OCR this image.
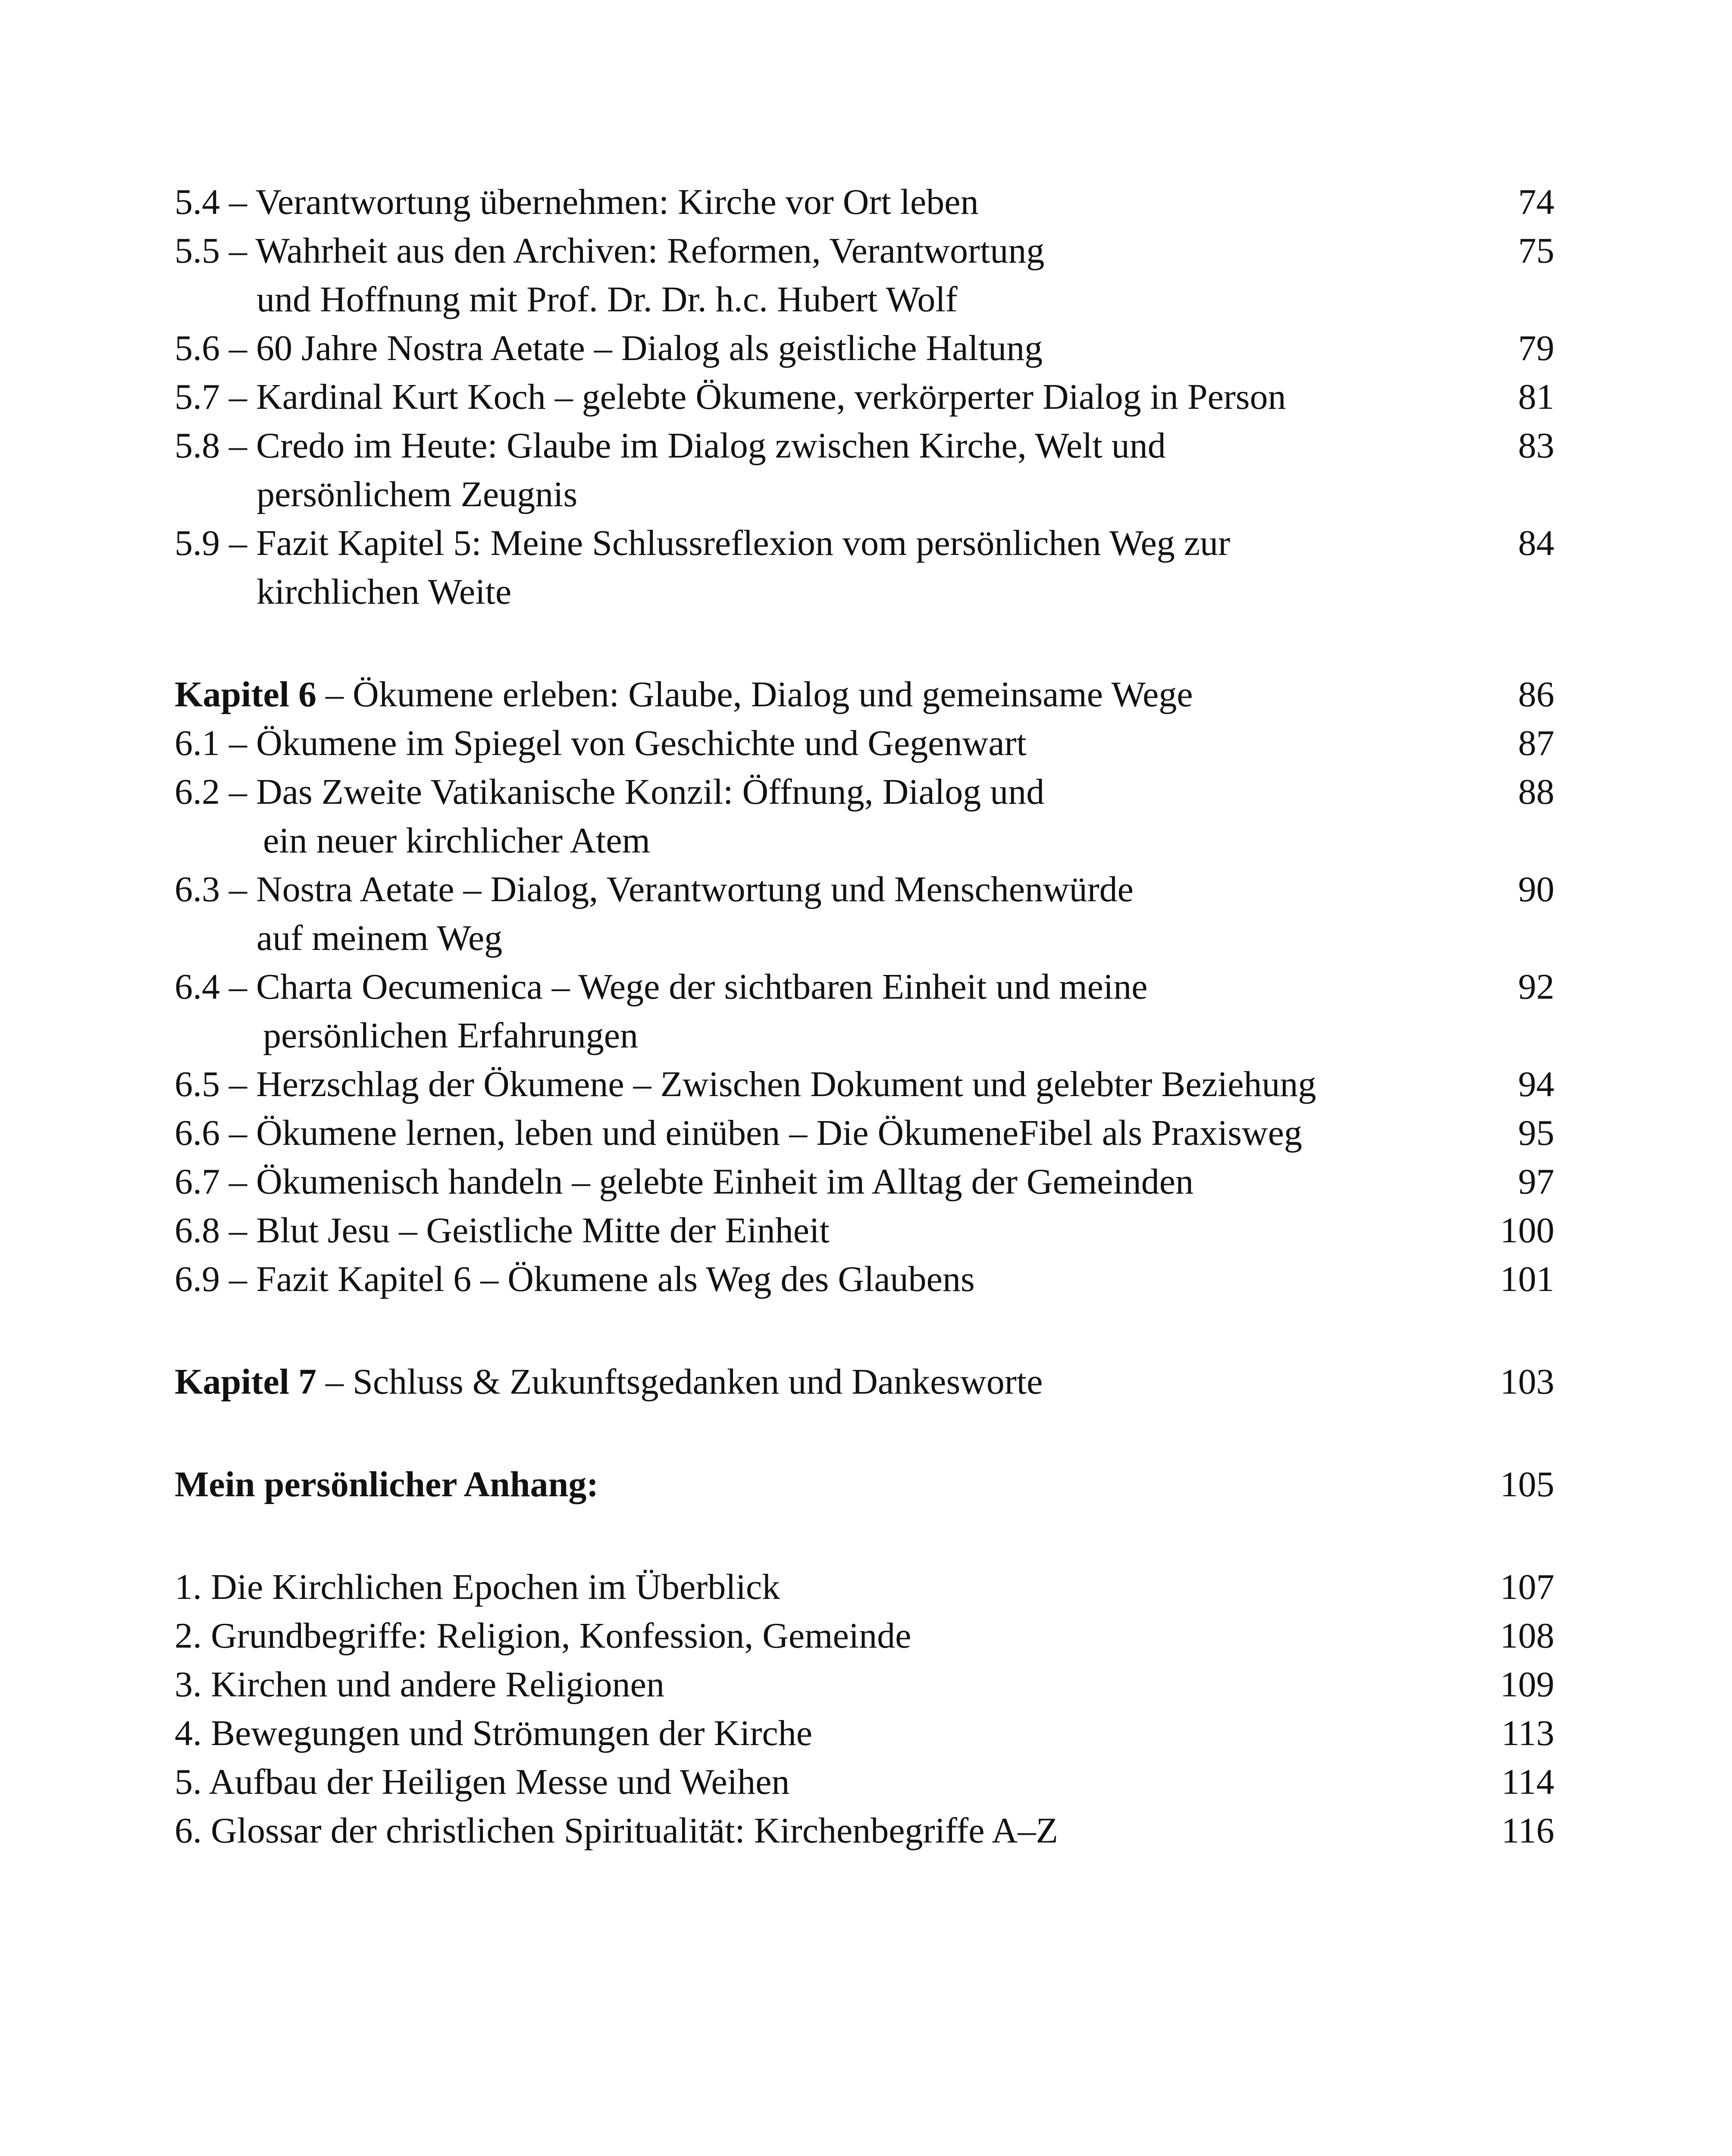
5.4 – Verantwortung übernehmen: Kirche vor Ort leben	74
5.5 – Wahrheit aus den Archiven: Reformen, Verantwortung	75
und Hoffnung mit Prof. Dr. Dr. h.c. Hubert Wolf
5.6 – 60 Jahre Nostra Aetate – Dialog als geistliche Haltung	79
5.7 – Kardinal Kurt Koch – gelebte Ökumene, verkörperter Dialog in Person	81
5.8 – Credo im Heute: Glaube im Dialog zwischen Kirche, Welt und	83
persönlichem Zeugnis
5.9 – Fazit Kapitel 5: Meine Schlussreflexion vom persönlichen Weg zur	84
kirchlichen Weite
Kapitel 6 – Ökumene erleben: Glaube, Dialog und gemeinsame Wege	86
6.1 – Ökumene im Spiegel von Geschichte und Gegenwart	87
6.2 – Das Zweite Vatikanische Konzil: Öffnung, Dialog und	88
ein neuer kirchlicher Atem
6.3 – Nostra Aetate – Dialog, Verantwortung und Menschenwürde	90
auf meinem Weg
6.4 – Charta Oecumenica – Wege der sichtbaren Einheit und meine	92
persönlichen Erfahrungen
6.5 – Herzschlag der Ökumene – Zwischen Dokument und gelebter Beziehung	94
6.6 – Ökumene lernen, leben und einüben – Die ÖkumeneFibel als Praxisweg	95
6.7 – Ökumenisch handeln – gelebte Einheit im Alltag der Gemeinden	97
6.8 – Blut Jesu – Geistliche Mitte der Einheit	100
6.9 – Fazit Kapitel 6 – Ökumene als Weg des Glaubens	101
Kapitel 7 – Schluss & Zukunftsgedanken und Dankesworte	103
Mein persönlicher Anhang:	105
1. Die Kirchlichen Epochen im Überblick	107
2. Grundbegriffe: Religion, Konfession, Gemeinde	108
3. Kirchen und andere Religionen	109
4. Bewegungen und Strömungen der Kirche	113
5. Aufbau der Heiligen Messe und Weihen	114
6. Glossar der christlichen Spiritualität: Kirchenbegriffe A–Z	116
